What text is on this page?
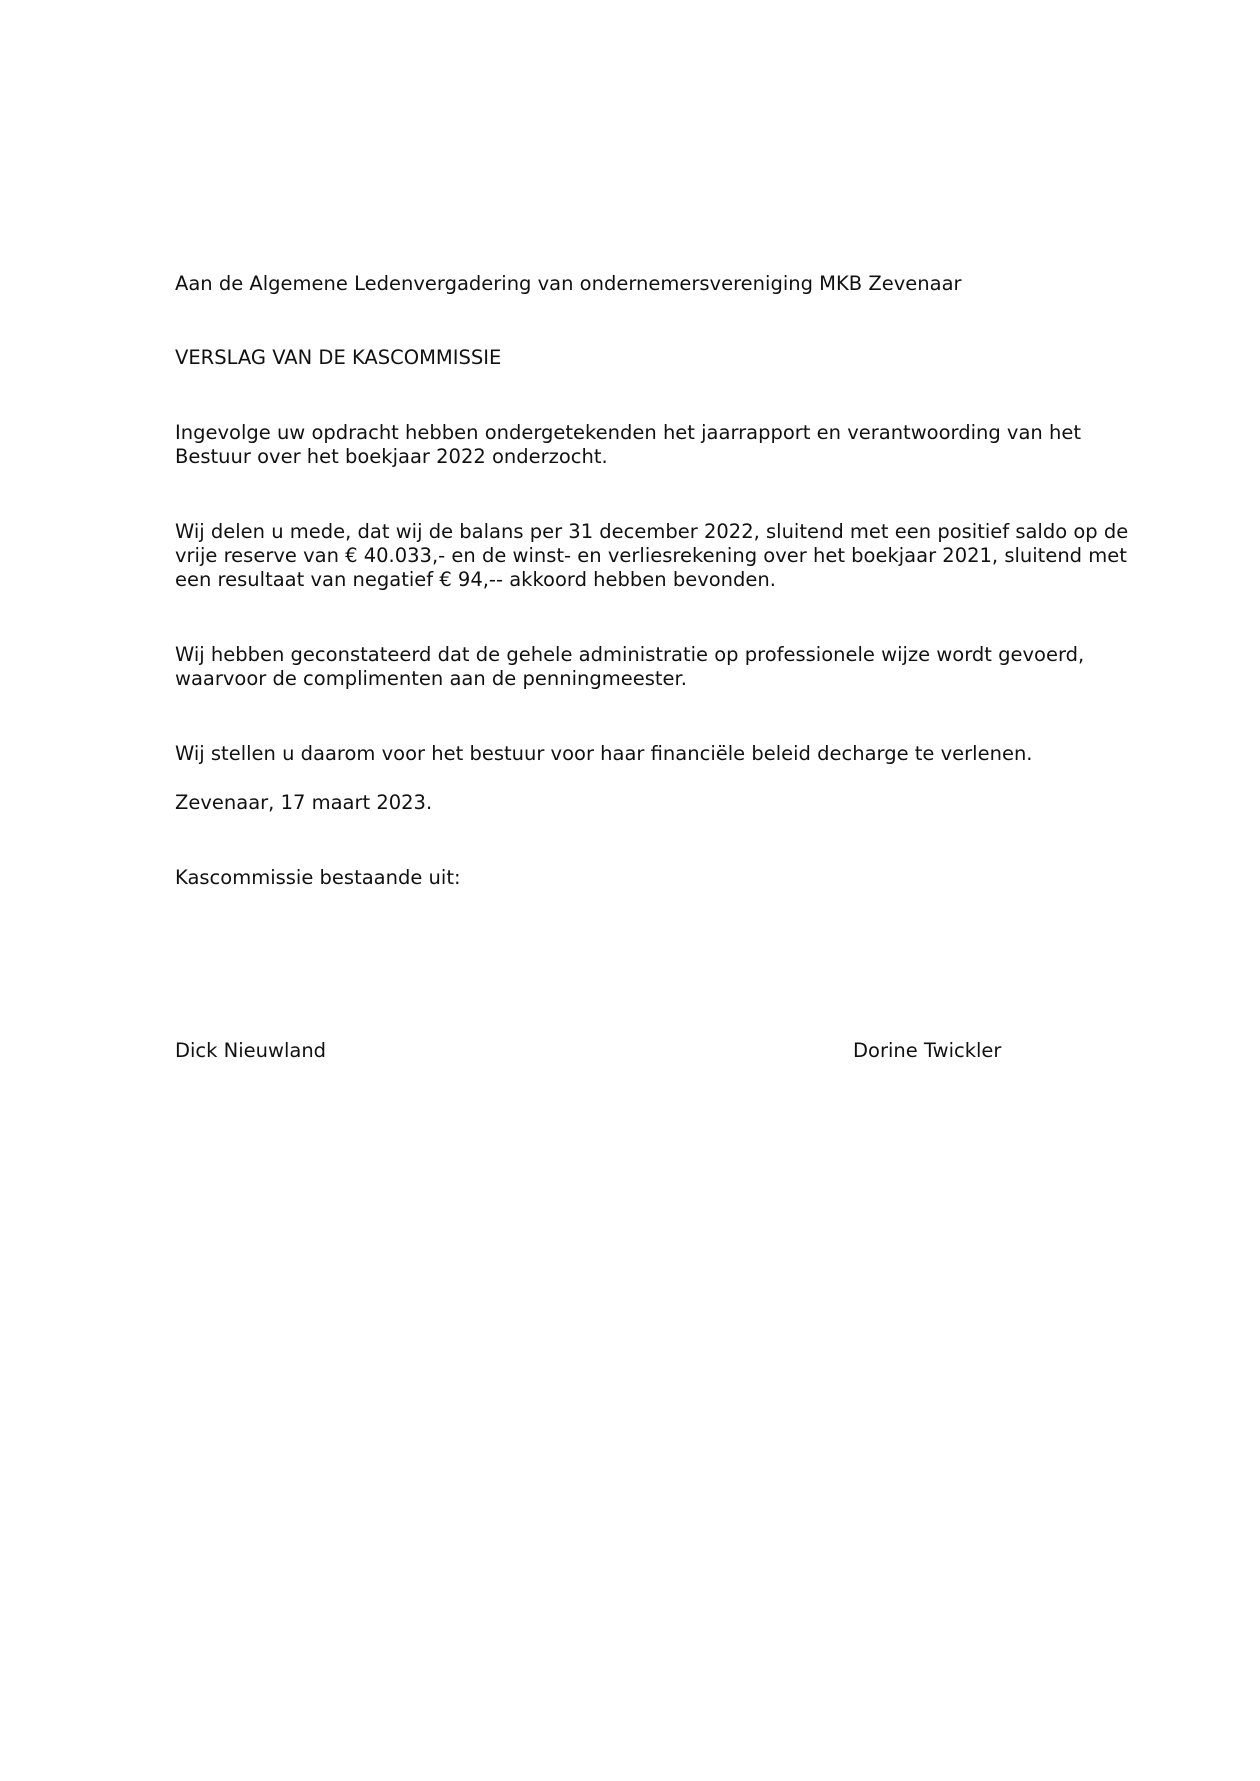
Aan de Algemene Ledenvergadering van ondernemersvereniging MKB Zevenaar

VERSLAG VAN DE KASCOMMISSIE

Ingevolge uw opdracht hebben ondergetekenden het jaarrapport en verantwoording van het
Bestuur over het boekjaar 2022 onderzocht.
Wij delen u mede, dat wij de balans per 31 december 2022, sluitend met een positief saldo op de
vrije reserve van € 40.033,- en de winst- en verliesrekening over het boekjaar 2021, sluitend met
een resultaat van negatief € 94,-- akkoord hebben bevonden.
Wij hebben geconstateerd dat de gehele administratie op professionele wijze wordt gevoerd,
waarvoor de complimenten aan de penningmeester.
Wij stellen u daarom voor het bestuur voor haar financiële beleid decharge te verlenen.

Zevenaar, 17 maart 2023.

Kascommissie bestaande uit:

Dick Nieuwland	Dorine Twickler
